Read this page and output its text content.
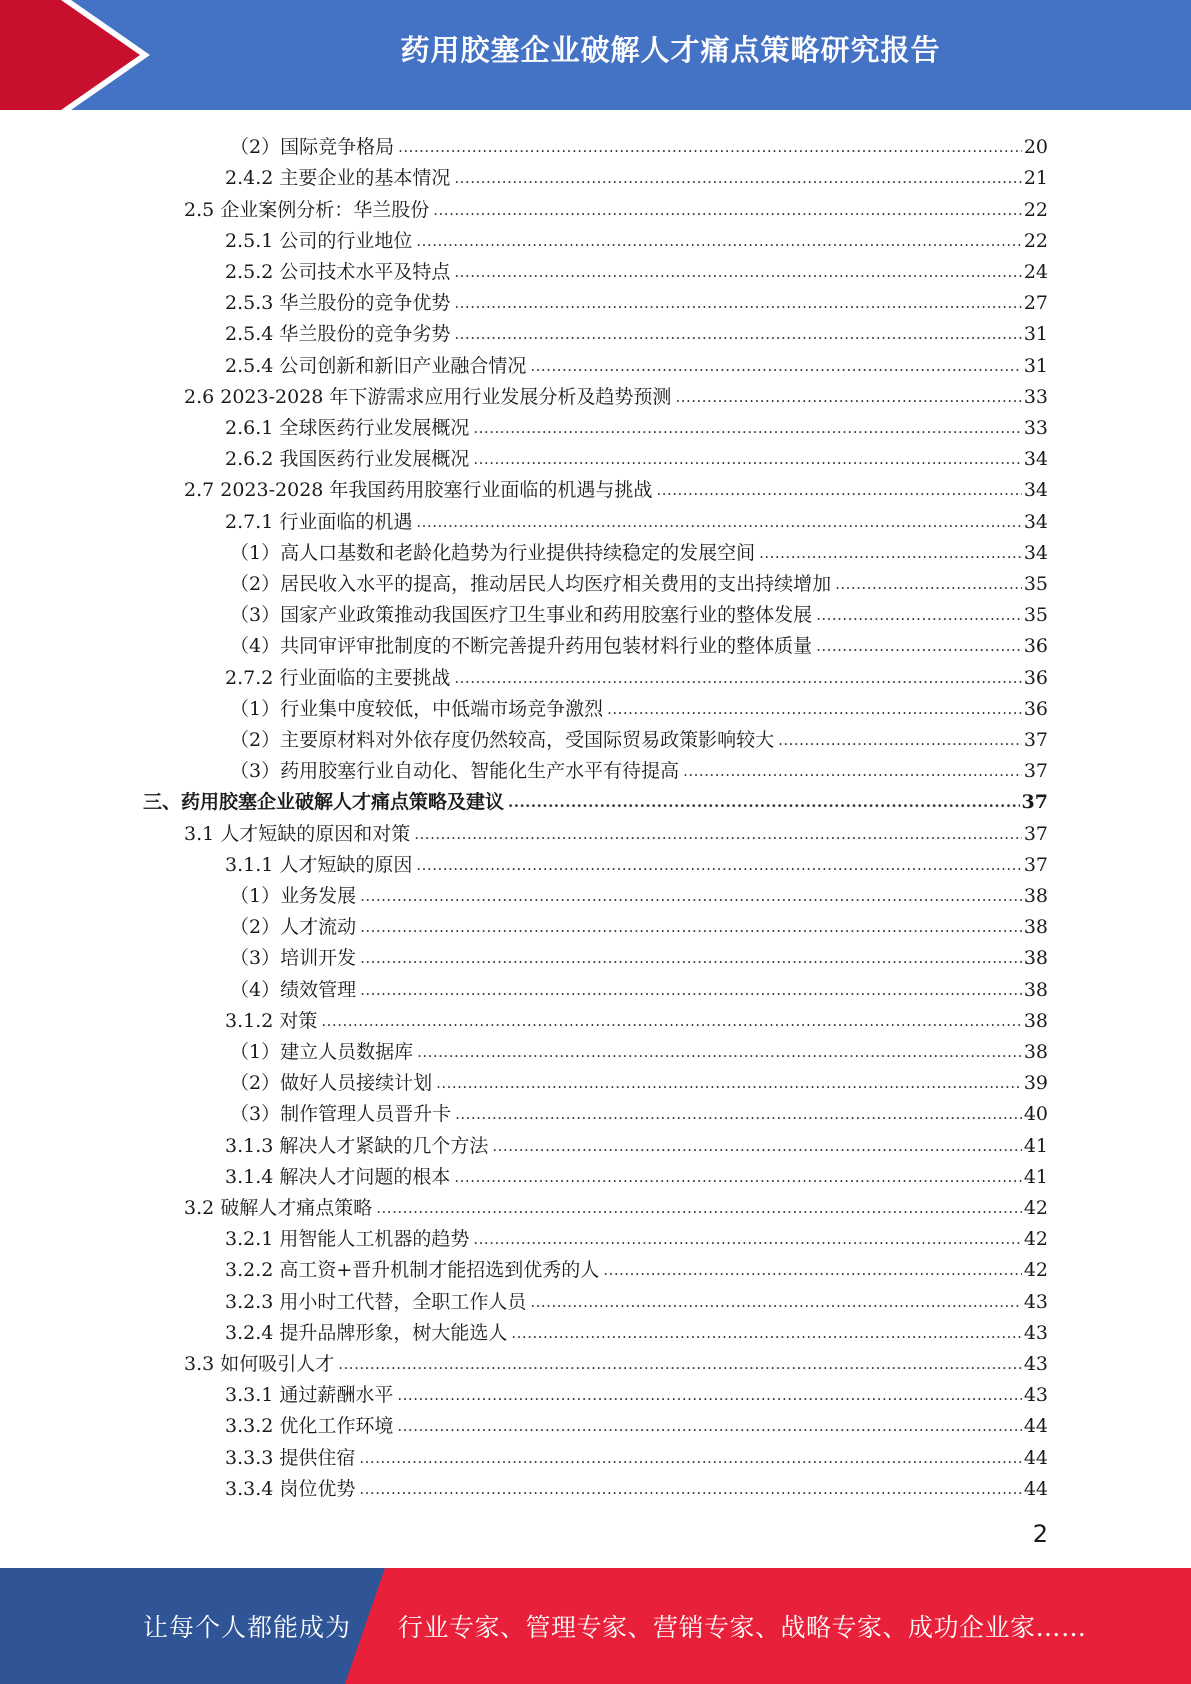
药用胶塞企业破解人才痛点策略研究报告
（2）国际竞争格局 .....	20
2.4.2 主要企业的基本情况 .....	21
2.5 企业案例分析：华兰股份 .....	22
2.5.1 公司的行业地位 .....	22
2.5.2 公司技术水平及特点 .....	24
2.5.3 华兰股份的竞争优势 .....	27
2.5.4 华兰股份的竞争劣势 .....	31
2.5.4 公司创新和新旧产业融合情况 .....	31
2.6 2023-2028 年下游需求应用行业发展分析及趋势预测 .....	33
2.6.1 全球医药行业发展概况 .....	33
2.6.2 我国医药行业发展概况 .....	34
2.7 2023-2028 年我国药用胶塞行业面临的机遇与挑战 .....	34
2.7.1 行业面临的机遇 .....	34
（1）高人口基数和老龄化趋势为行业提供持续稳定的发展空间 .....	34
（2）居民收入水平的提高，推动居民人均医疗相关费用的支出持续增加 .....	35
（3）国家产业政策推动我国医疗卫生事业和药用胶塞行业的整体发展 .....	35
（4）共同审评审批制度的不断完善提升药用包装材料行业的整体质量 .....	36
2.7.2 行业面临的主要挑战 .....	36
（1）行业集中度较低，中低端市场竞争激烈 .....	36
（2）主要原材料对外依存度仍然较高，受国际贸易政策影响较大 .....	37
（3）药用胶塞行业自动化、智能化生产水平有待提高 .....	37
三、药用胶塞企业破解人才痛点策略及建议 .....	37
3.1 人才短缺的原因和对策 .....	37
3.1.1 人才短缺的原因 .....	37
（1）业务发展 .....	38
（2）人才流动 .....	38
（3）培训开发 .....	38
（4）绩效管理 .....	38
3.1.2 对策 .....	38
（1）建立人员数据库 .....	38
（2）做好人员接续计划 .....	39
（3）制作管理人员晋升卡 .....	40
3.1.3 解决人才紧缺的几个方法 .....	41
3.1.4 解决人才问题的根本 .....	41
3.2 破解人才痛点策略 .....	42
3.2.1 用智能人工机器的趋势 .....	42
3.2.2 高工资+晋升机制才能招选到优秀的人 .....	42
3.2.3 用小时工代替，全职工作人员 .....	43
3.2.4 提升品牌形象，树大能选人 .....	43
3.3 如何吸引人才 .....	43
3.3.1 通过薪酬水平 .....	43
3.3.2 优化工作环境 .....	44
3.3.3 提供住宿 .....	44
3.3.4 岗位优势 .....	44
2
让每个人都能成为 行业专家、管理专家、营销专家、战略专家、成功企业家……
